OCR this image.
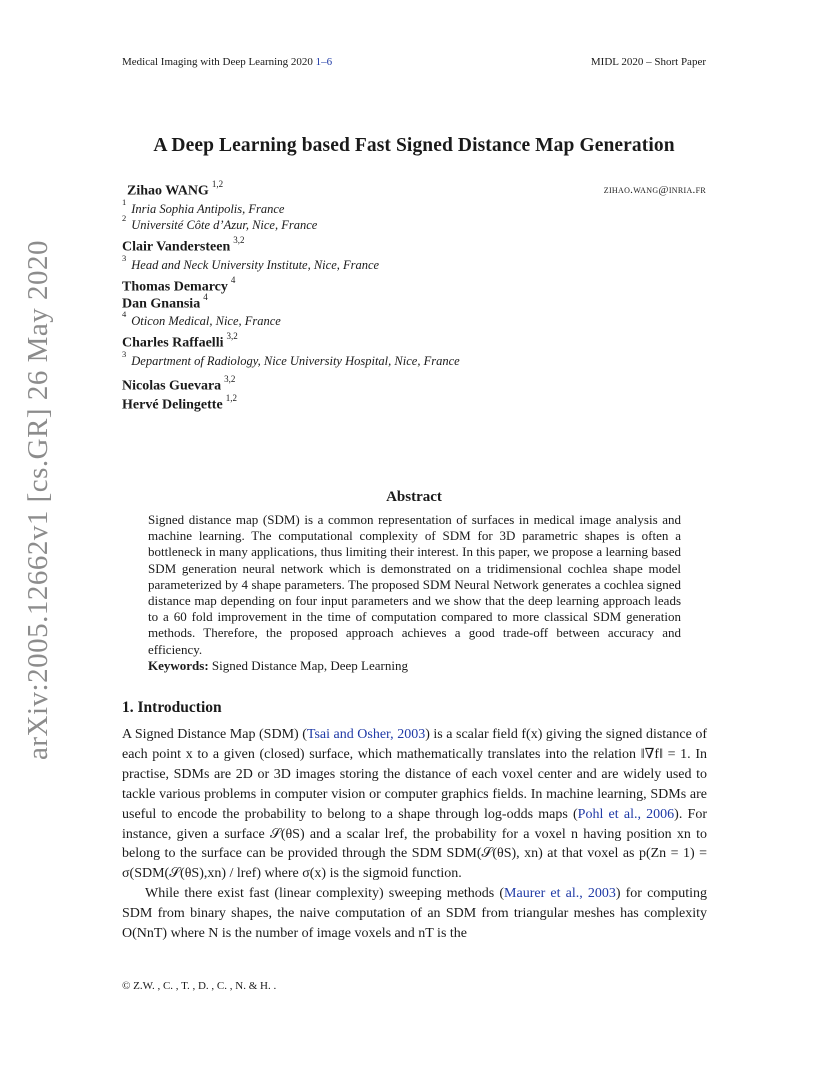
Medical Imaging with Deep Learning 2020 1–6	MIDL 2020 – Short Paper
arXiv:2005.12662v1 [cs.GR] 26 May 2020
A Deep Learning based Fast Signed Distance Map Generation
Zihao WANG $^{1,2}$	zihao.wang@inria.fr
$^1$Inria Sophia Antipolis, France
$^2$Université Côte d’Azur, Nice, France
Clair Vandersteen $^{3,2}$
$^3$Head and Neck University Institute, Nice, France
Thomas Demarcy $^4$
Dan Gnansia $^4$
$^4$Oticon Medical, Nice, France
Charles Raffaelli $^{3,2}$
$^3$Department of Radiology, Nice University Hospital, Nice, France
Nicolas Guevara $^{3,2}$
Hervé Delingette $^{1,2}$
Abstract
Signed distance map (SDM) is a common representation of surfaces in medical image analysis and machine learning. The computational complexity of SDM for 3D parametric shapes is often a bottleneck in many applications, thus limiting their interest. In this paper, we propose a learning based SDM generation neural network which is demonstrated on a tridimensional cochlea shape model parameterized by 4 shape parameters. The proposed SDM Neural Network generates a cochlea signed distance map depending on four input parameters and we show that the deep learning approach leads to a 60 fold improvement in the time of computation compared to more classical SDM generation methods. Therefore, the proposed approach achieves a good trade-off between accuracy and efficiency.
Keywords: Signed Distance Map, Deep Learning
1. Introduction

A Signed Distance Map (SDM) (Tsai and Osher, 2003) is a scalar field f(x) giving the signed distance of each point x to a given (closed) surface, which mathematically translates into the relation ‖∇f‖ = 1. In practise, SDMs are 2D or 3D images storing the distance of each voxel center and are widely used to tackle various problems in computer vision or computer graphics fields. In machine learning, SDMs are useful to encode the probability to belong to a shape through log-odds maps (Pohl et al., 2006). For instance, given a surface 𝒮(θS) and a scalar lref, the probability for a voxel n having position xn to belong to the surface can be provided through the SDM SDM(𝒮(θS), xn) at that voxel as p(Zn = 1) = σ(SDM(𝒮(θS),xn) / lref) where σ(x) is the sigmoid function.

While there exist fast (linear complexity) sweeping methods (Maurer et al., 2003) for computing SDM from binary shapes, the naive computation of an SDM from triangular meshes has complexity O(NnT) where N is the number of image voxels and nT is the

© Z.W. , C. , T. , D. , C. , N. & H. .
